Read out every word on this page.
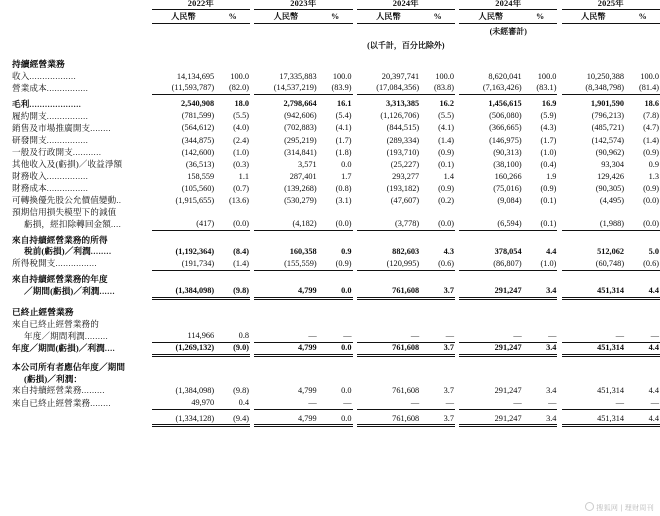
	2022年			2023年			2024年			2024年			2025年	
	人民幣	%		人民幣	%		人民幣	%		人民幣	%		人民幣	%
										(未經審計)				
	(以千計，百分比除外)													
持續經營業務														
收入..................	14,134,695	100.0		17,335,883	100.0		20,397,741	100.0		8,620,041	100.0		10,250,388	100.0
營業成本................	(11,593,787)	(82.0)		(14,537,219)	(83.9)		(17,084,356)	(83.8)		(7,163,426)	(83.1)		(8,348,798)	(81.4)
毛利....................	2,540,908	18.0		2,798,664	16.1		3,313,385	16.2		1,456,615	16.9		1,901,590	18.6
履約開支................	(781,599)	(5.5)		(942,606)	(5.4)		(1,126,706)	(5.5)		(506,080)	(5.9)		(796,213)	(7.8)
銷售及市場推廣開支........	(564,612)	(4.0)		(702,883)	(4.1)		(844,515)	(4.1)		(366,665)	(4.3)		(485,721)	(4.7)
研發開支................	(344,875)	(2.4)		(295,219)	(1.7)		(289,334)	(1.4)		(146,975)	(1.7)		(142,574)	(1.4)
一般及行政開支...........	(142,600)	(1.0)		(314,841)	(1.8)		(193,710)	(0.9)		(90,313)	(1.0)		(90,962)	(0.9)
其他收入及(虧損)／收益淨額	(36,513)	(0.3)		3,571	0.0		(25,227)	(0.1)		(38,100)	(0.4)		93,304	0.9
財務收入................	158,559	1.1		287,401	1.7		293,277	1.4		160,266	1.9		129,426	1.3
財務成本................	(105,560)	(0.7)		(139,268)	(0.8)		(193,182)	(0.9)		(75,016)	(0.9)		(90,305)	(0.9)
可轉換優先股公允價值變動..	(1,915,655)	(13.6)		(530,279)	(3.1)		(47,607)	(0.2)		(9,084)	(0.1)		(4,495)	(0.0)
預期信用損失模型下的減值														
虧損，經扣除轉回金額....	(417)	(0.0)		(4,182)	(0.0)		(3,778)	(0.0)		(6,594)	(0.1)		(1,988)	(0.0)
來自持續經營業務的所得														
稅前(虧損)／利潤........	(1,192,364)	(8.4)		160,358	0.9		882,603	4.3		378,054	4.4		512,062	5.0
所得稅開支................	(191,734)	(1.4)		(155,559)	(0.9)		(120,995)	(0.6)		(86,807)	(1.0)		(60,748)	(0.6)
來自持續經營業務的年度														
／期間(虧損)／利潤......	(1,384,098)	(9.8)		4,799	0.0		761,608	3.7		291,247	3.4		451,314	4.4

已終止經營業務														
來自已終止經營業務的														
年度／期間利潤.........	114,966	0.8		—	—		—	—		—	—		—	—
年度／期間(虧損)／利潤....	(1,269,132)	(9.0)		4,799	0.0		761,608	3.7		291,247	3.4		451,314	4.4

本公司所有者應佔年度／期間														
(虧損)／利潤：														
來自持續經營業務.........	(1,384,098)	(9.8)		4,799	0.0		761,608	3.7		291,247	3.4		451,314	4.4
來自已終止經營業務........	49,970	0.4		—	—		—	—		—	—		—	—
	(1,334,128)	(9.4)		4,799	0.0		761,608	3.7		291,247	3.4		451,314	4.4
搜狐网 | 理财周刊
